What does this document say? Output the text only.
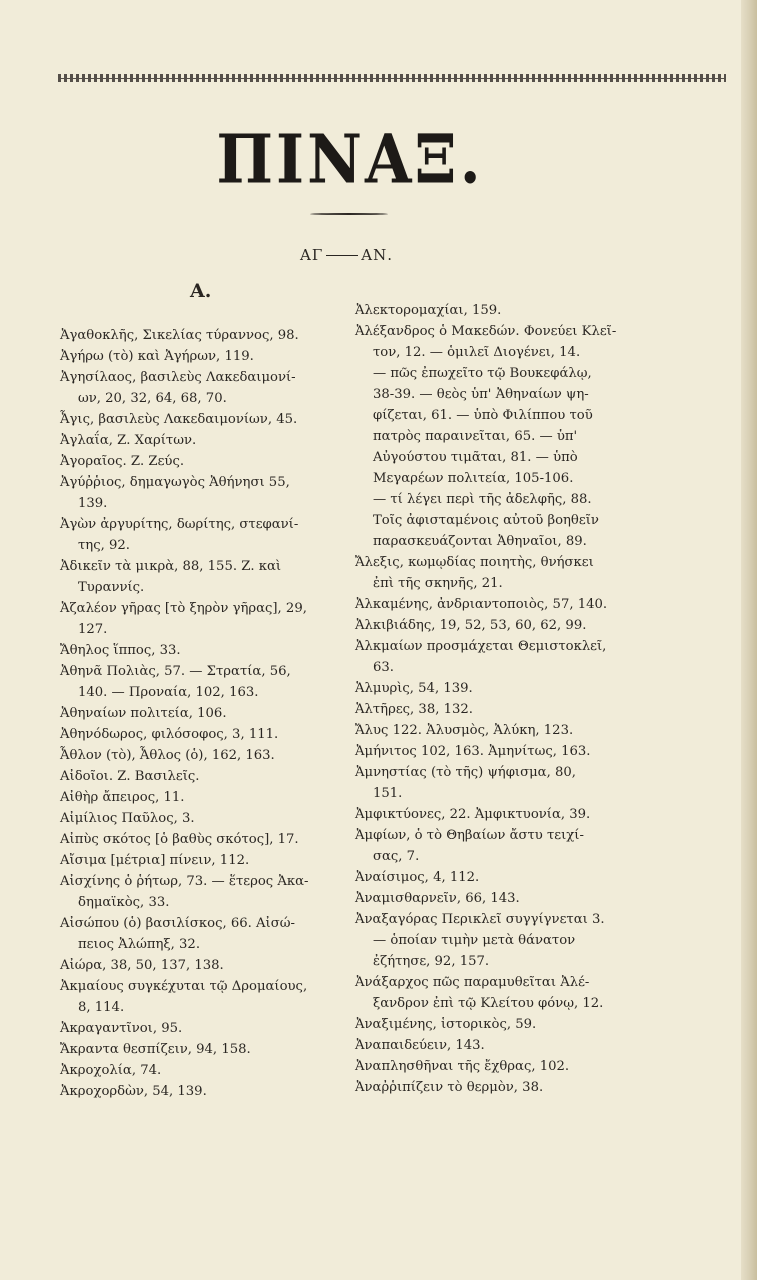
ΠΙΝΑΞ.
ΑΓ	ΑΝ.
Α.
Ἀγαθοκλῆς, Σικελίας τύραννος, 98.
Ἀγήρω (τὸ) καὶ Ἀγήρων, 119.
Ἀγησίλαος, βασιλεὺς Λακεδαιμονί-
ων, 20, 32, 64, 68, 70.
Ἆγις, βασιλεὺς Λακεδαιμονίων, 45.
Ἀγλαΐα, Ζ. Χαρίτων.
Ἀγοραῖος. Ζ. Ζεύς.
Ἀγύῤῥιος, δημαγωγὸς Ἀθήνησι 55,
139.
Ἀγὼν ἀργυρίτης, δωρίτης, στεφανί-
της, 92.
Ἀδικεῖν τὰ μικρὰ, 88, 155. Ζ. καὶ
Τυραννίς.
Ἀζαλέον γῆρας [τὸ ξηρὸν γῆρας], 29,
127.
Ἄθηλος ἵππος, 33.
Ἀθηνᾶ Πολιὰς, 57. — Στρατία, 56,
140. — Προναία, 102, 163.
Ἀθηναίων πολιτεία, 106.
Ἀθηνόδωρος, φιλόσοφος, 3, 111.
Ἆθλον (τὸ), Ἆθλος (ὁ), 162, 163.
Αἰδοῖοι. Ζ. Βασιλεῖς.
Αἰθὴρ ἄπειρος, 11.
Αἰμίλιος Παῦλος, 3.
Αἰπὺς σκότος [ὁ βαθὺς σκότος], 17.
Αἴσιμα [μέτρια] πίνειν, 112.
Αἰσχίνης ὁ ῥήτωρ, 73. — ἕτερος Ἀκα-
δημαϊκὸς, 33.
Αἰσώπου (ὁ) βασιλίσκος, 66. Αἰσώ-
πειος Ἀλώπηξ, 32.
Αἰώρα, 38, 50, 137, 138.
Ἀκμαίους συγκέχυται τῷ Δρομαίους,
8, 114.
Ἀκραγαντῖνοι, 95.
Ἄκραντα θεσπίζειν, 94, 158.
Ἀκροχολία, 74.
Ἀκροχορδὼν, 54, 139.
Ἀλεκτορομαχίαι, 159.
Ἀλέξανδρος ὁ Μακεδών. Φονεύει Κλεῖ-
τον, 12. — ὁμιλεῖ Διογένει, 14.
— πῶς ἐπωχεῖτο τῷ Βουκεφάλῳ,
38-39. — θεὸς ὑπ' Ἀθηναίων ψη-
φίζεται, 61. — ὑπὸ Φιλίππου τοῦ
πατρὸς παραινεῖται, 65. — ὑπ'
Αὐγούστου τιμᾶται, 81. — ὑπὸ
Μεγαρέων πολιτεία, 105-106.
— τί λέγει περὶ τῆς ἀδελφῆς, 88.
Τοῖς ἀφισταμένοις αὐτοῦ βοηθεῖν
παρασκευάζονται Ἀθηναῖοι, 89.
Ἄλεξις, κωμῳδίας ποιητὴς, θνήσκει
ἐπὶ τῆς σκηνῆς, 21.
Ἀλκαμένης, ἀνδριαντοποιὸς, 57, 140.
Ἀλκιβιάδης, 19, 52, 53, 60, 62, 99.
Ἀλκμαίων προσμάχεται Θεμιστοκλεῖ,
63.
Ἁλμυρὶς, 54, 139.
Ἁλτῆρες, 38, 132.
Ἄλυς 122. Ἀλυσμὸς, Ἀλύκη, 123.
Ἀμήνιτος 102, 163. Ἀμηνίτως, 163.
Ἀμνηστίας (τὸ τῆς) ψήφισμα, 80,
151.
Ἀμφικτύονες, 22. Ἀμφικτυονία, 39.
Ἀμφίων, ὁ τὸ Θηβαίων ἄστυ τειχί-
σας, 7.
Ἀναίσιμος, 4, 112.
Ἀναμισθαρνεῖν, 66, 143.
Ἀναξαγόρας Περικλεῖ συγγίγνεται 3.
— ὁποίαν τιμὴν μετὰ θάνατον
ἐζήτησε, 92, 157.
Ἀνάξαρχος πῶς παραμυθεῖται Ἀλέ-
ξανδρον ἐπὶ τῷ Κλείτου φόνῳ, 12.
Ἀναξιμένης, ἱστορικὸς, 59.
Ἀναπαιδεύειν, 143.
Ἀναπλησθῆναι τῆς ἔχθρας, 102.
Ἀναῤῥιπίζειν τὸ θερμὸν, 38.
